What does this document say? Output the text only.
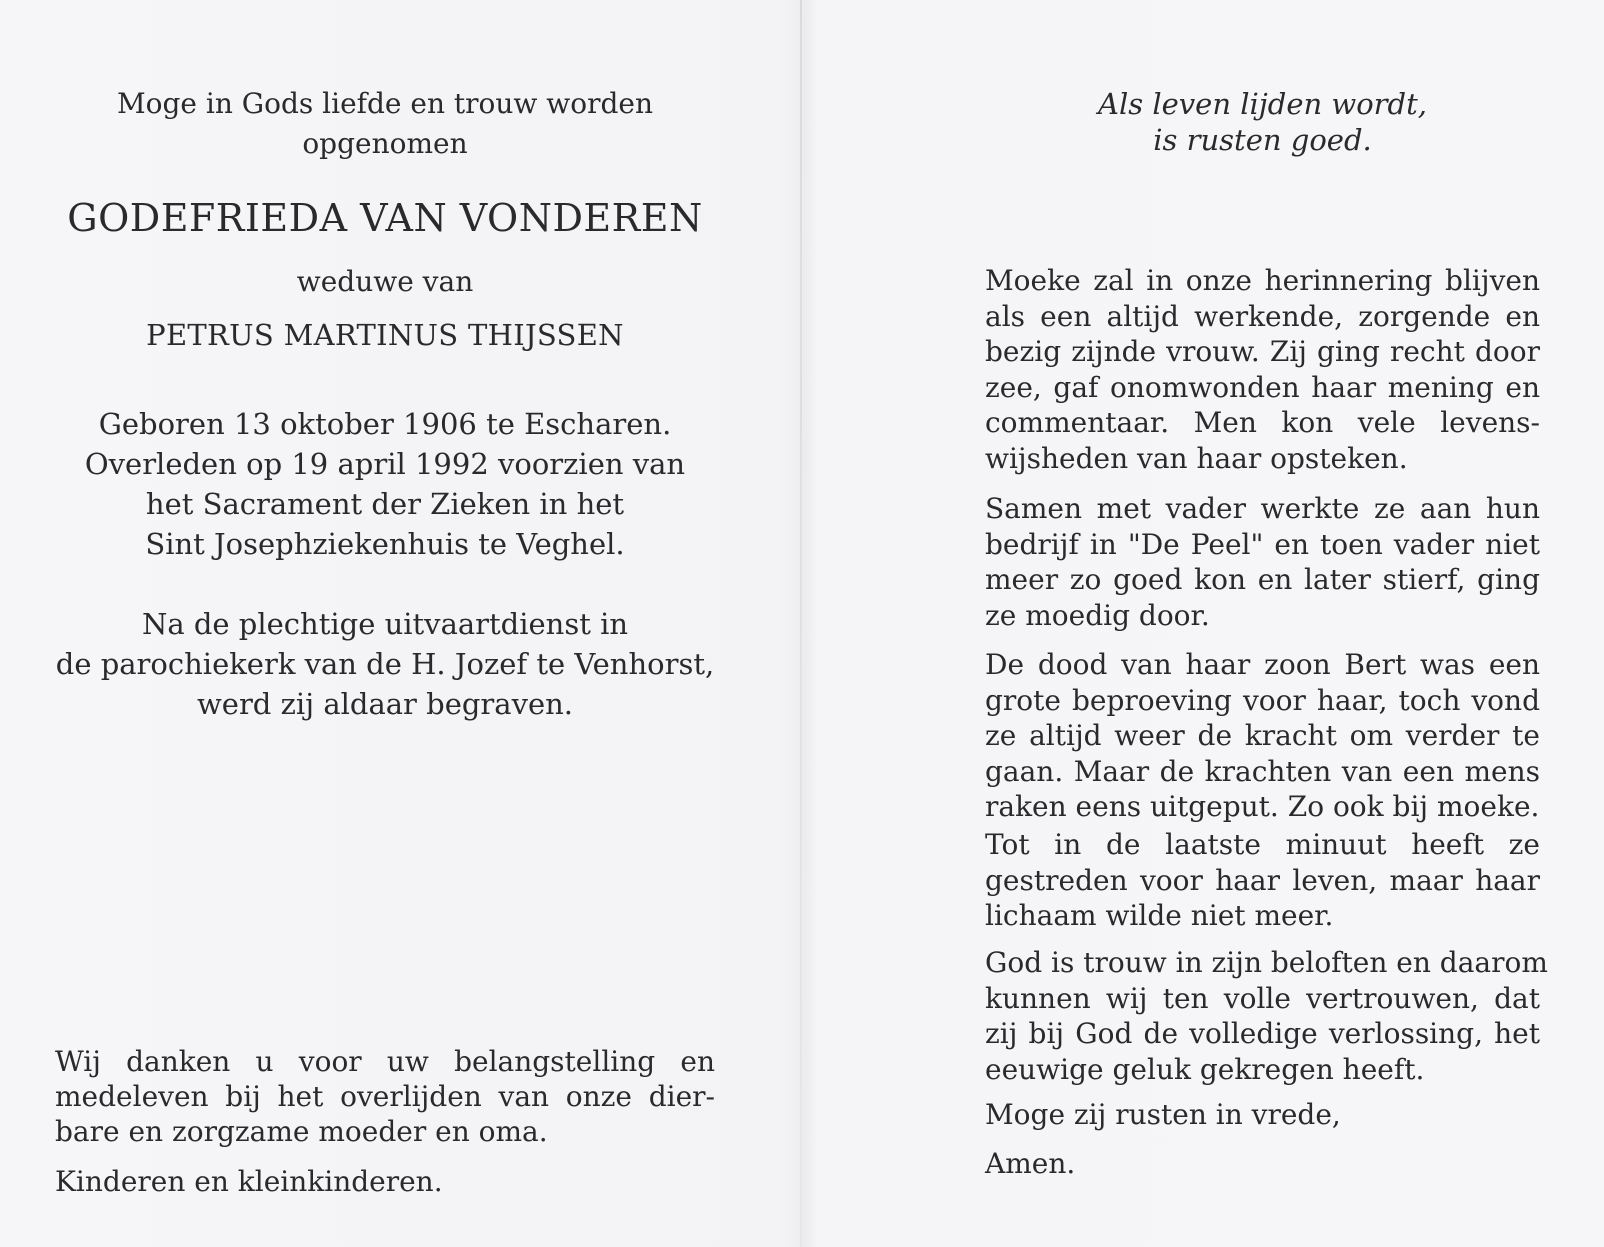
Moge in Gods liefde en trouw worden
opgenomen
GODEFRIEDA VAN VONDEREN
weduwe van
PETRUS MARTINUS THIJSSEN
Geboren 13 oktober 1906 te Escharen.
Overleden op 19 april 1992 voorzien van
het Sacrament der Zieken in het
Sint Josephziekenhuis te Veghel.
Na de plechtige uitvaartdienst in
de parochiekerk van de H. Jozef te Venhorst,
werd zij aldaar begraven.
Wij danken u voor uw belangstelling en
medeleven bij het overlijden van onze dier-
bare en zorgzame moeder en oma.
Kinderen en kleinkinderen.
Als leven lijden wordt,
is rusten goed.
Moeke zal in onze herinnering blijven
als een altijd werkende, zorgende en
bezig zijnde vrouw. Zij ging recht door
zee, gaf onomwonden haar mening en
commentaar. Men kon vele levens-
wijsheden van haar opsteken.
Samen met vader werkte ze aan hun
bedrijf in "De Peel" en toen vader niet
meer zo goed kon en later stierf, ging
ze moedig door.
De dood van haar zoon Bert was een
grote beproeving voor haar, toch vond
ze altijd weer de kracht om verder te
gaan. Maar de krachten van een mens
raken eens uitgeput. Zo ook bij moeke.
Tot in de laatste minuut heeft ze
gestreden voor haar leven, maar haar
lichaam wilde niet meer.
God is trouw in zijn beloften en daarom
kunnen wij ten volle vertrouwen, dat
zij bij God de volledige verlossing, het
eeuwige geluk gekregen heeft.
Moge zij rusten in vrede,
Amen.
